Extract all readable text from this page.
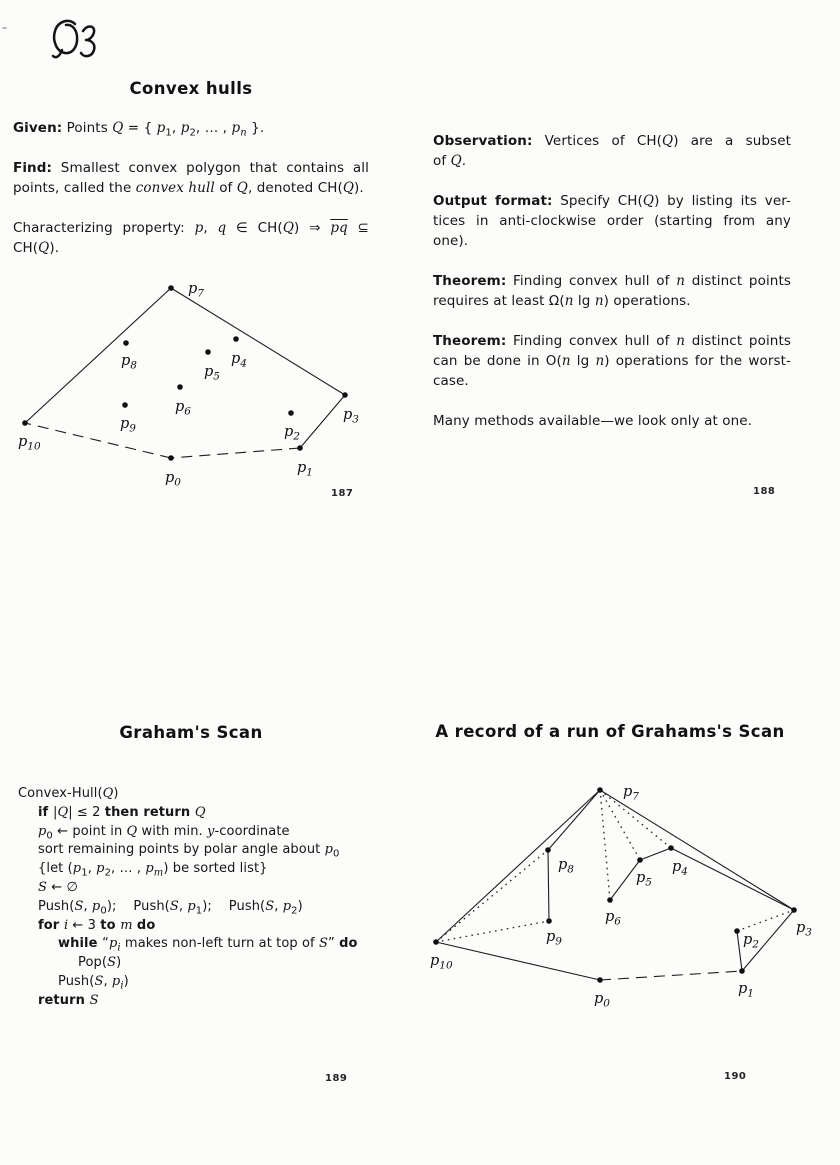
Convex hulls
Given: Points Q = { $p_1$, $p_2$, … , $p_n$ }.
Find: Smallest convex polygon that contains all
points, called the convex hull of Q, denoted CH(Q).
Characterizing property: p, q ∈ CH(Q) ⇒ $\overline{pq}$ ⊆
CH(Q).
$p_0$
$p_1$
$p_2$
$p_3$
$p_4$
$p_5$
$p_6$
$p_7$
$p_8$
$p_9$
$p_{10}$
187
Observation: Vertices of CH(Q) are a subset
of Q.
Output format: Specify CH(Q) by listing its ver-
tices in anti-clockwise order (starting from any
one).
Theorem: Finding convex hull of n distinct points
requires at least Ω(n lg n) operations.
Theorem: Finding convex hull of n distinct points
can be done in O(n lg n) operations for the worst-
case.
Many methods available—we look only at one.
188
Graham's Scan
Convex-Hull(Q)
if |Q| ≤ 2 then return Q
$p_0$ ← point in Q with min. y-coordinate
sort remaining points by polar angle about $p_0$
{let ($p_1$, $p_2$, … , $p_m$) be sorted list}
S ← ∅
Push(S, $p_0$);    Push(S, $p_1$);    Push(S, $p_2$)
for i ← 3 to m do
while “$p_i$ makes non-left turn at top of S” do
Pop(S)
Push(S, $p_i$)
return S
189
A record of a run of Grahams's Scan
$p_0$
$p_1$
$p_2$
$p_3$
$p_4$
$p_5$
$p_6$
$p_7$
$p_8$
$p_9$
$p_{10}$
190
